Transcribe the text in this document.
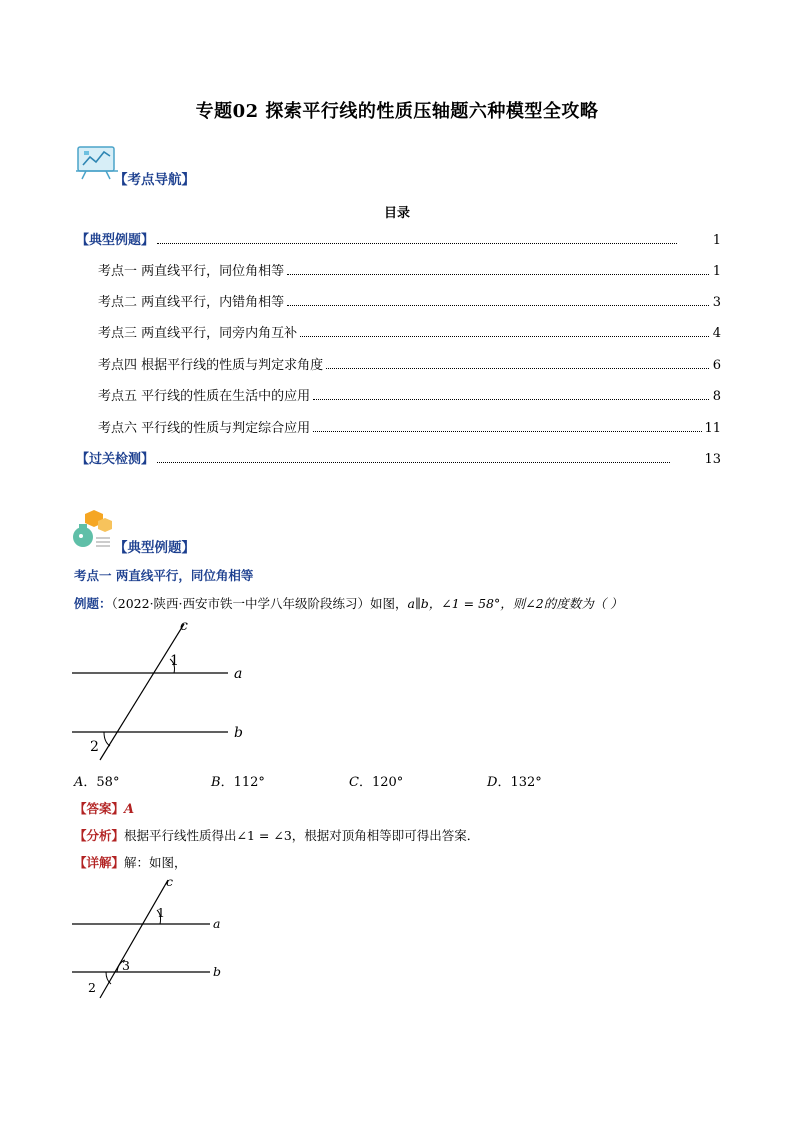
专题02 探索平行线的性质压轴题六种模型全攻略
【考点导航】
目录
【典型例题】	1
考点一 两直线平行，同位角相等	1
考点二 两直线平行，内错角相等	3
考点三 两直线平行，同旁内角互补	4
考点四 根据平行线的性质与判定求角度	6
考点五 平行线的性质在生活中的应用	8
考点六 平行线的性质与判定综合应用	11
【过关检测】	13
【典型例题】
考点一 两直线平行，同位角相等
例题：（2022·陕西·西安市铁一中学八年级阶段练习）如图，a∥b，∠1 = 58°，则∠2的度数为（ ）
c
1
a
b
2
A．58°	B．112°	C．120°	D．132°
【答案】A
【分析】根据平行线性质得出∠1 = ∠3，根据对顶角相等即可得出答案．
【详解】解：如图，
c
1
a
3	b
2
